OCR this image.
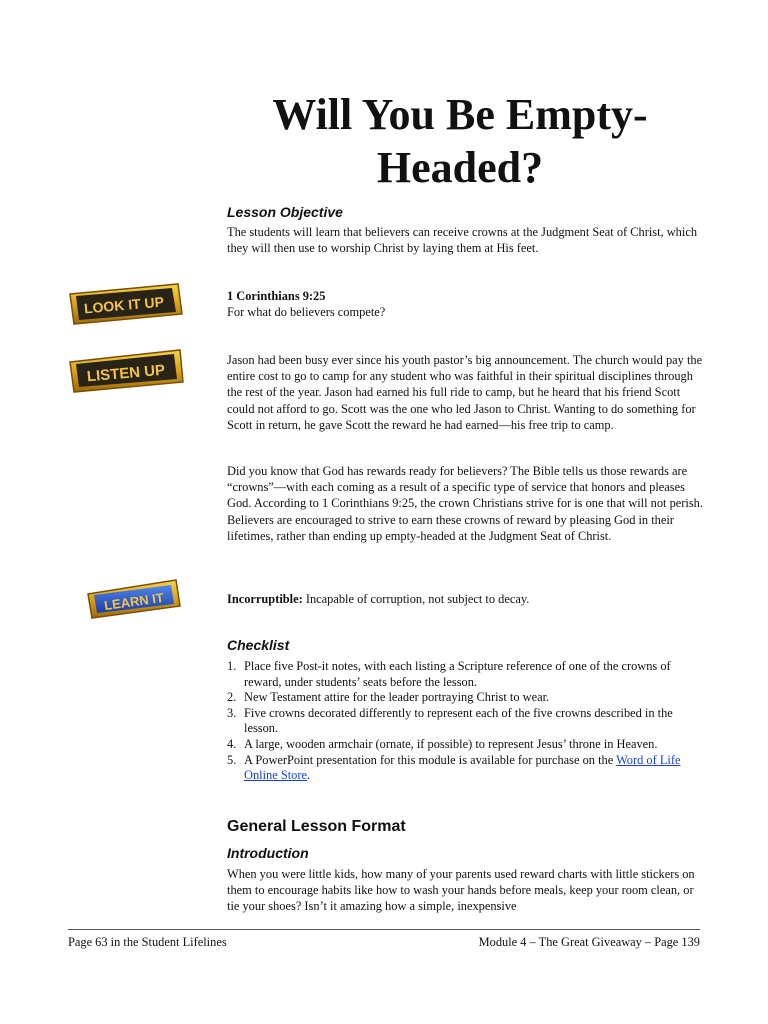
Will You Be Empty-
Headed?
Lesson Objective
The students will learn that believers can receive crowns at the Judgment Seat of Christ, which they will then use to worship Christ by laying them at His feet.
LOOK IT UP	1 Corinthians 9:25
For what do believers compete?
LISTEN UP
Jason had been busy ever since his youth pastor’s big announcement. The church would pay the entire cost to go to camp for any student who was faithful in their spiritual disciplines through the rest of the year. Jason had earned his full ride to camp, but he heard that his friend Scott could not afford to go. Scott was the one who led Jason to Christ. Wanting to do something for Scott in return, he gave Scott the reward he had earned—his free trip to camp.
Did you know that God has rewards ready for believers? The Bible tells us those rewards are “crowns”—with each coming as a result of a specific type of service that honors and pleases God. According to 1 Corinthians 9:25, the crown Christians strive for is one that will not perish. Believers are encouraged to strive to earn these crowns of reward by pleasing God in their lifetimes, rather than ending up empty-headed at the Judgment Seat of Christ.
LEARN IT	Incorruptible: Incapable of corruption, not subject to decay.
Checklist
1. Place five Post-it notes, with each listing a Scripture reference of one of the crowns of reward, under students’ seats before the lesson.
2. New Testament attire for the leader portraying Christ to wear.
3. Five crowns decorated differently to represent each of the five crowns described in the lesson.
4. A large, wooden armchair (ornate, if possible) to represent Jesus’ throne in Heaven.
5. A PowerPoint presentation for this module is available for purchase on the Word of Life Online Store.
General Lesson Format
Introduction
When you were little kids, how many of your parents used reward charts with little stickers on them to encourage habits like how to wash your hands before meals, keep your room clean, or tie your shoes? Isn’t it amazing how a simple, inexpensive
Page 63 in the Student Lifelines	Module 4 – The Great Giveaway – Page 139
